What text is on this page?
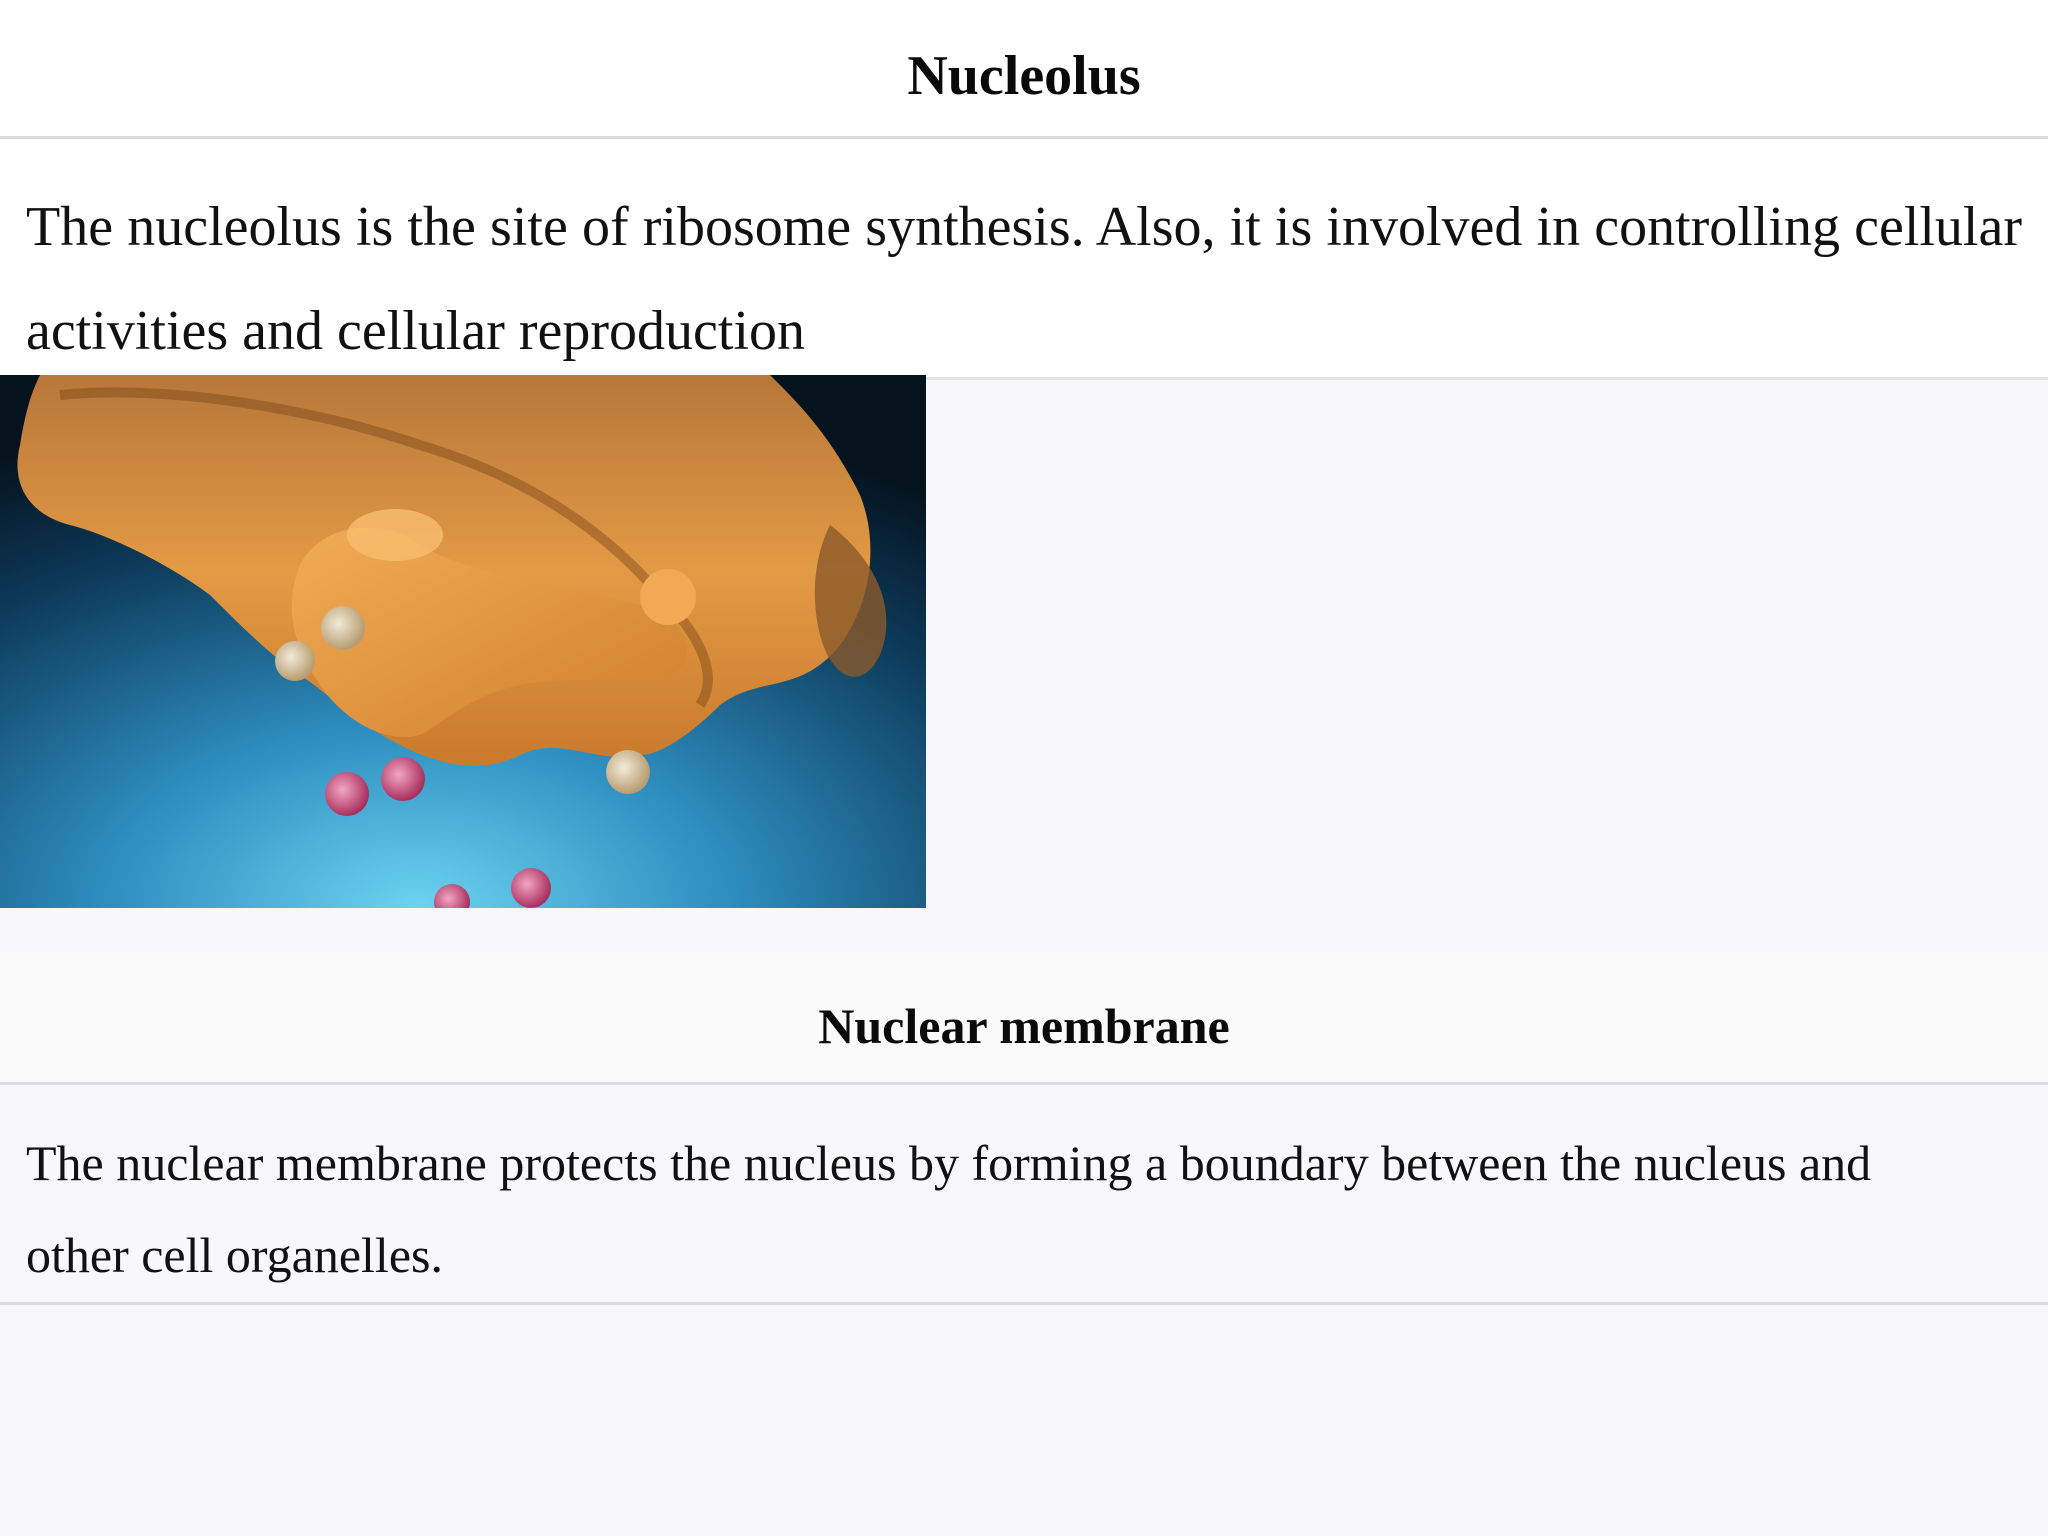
Nucleolus
The nucleolus is the site of ribosome synthesis. Also, it is involved in controlling cellular activities and cellular reproduction
Nuclear membrane
The nuclear membrane protects the nucleus by forming a boundary between the nucleus and other cell organelles.
